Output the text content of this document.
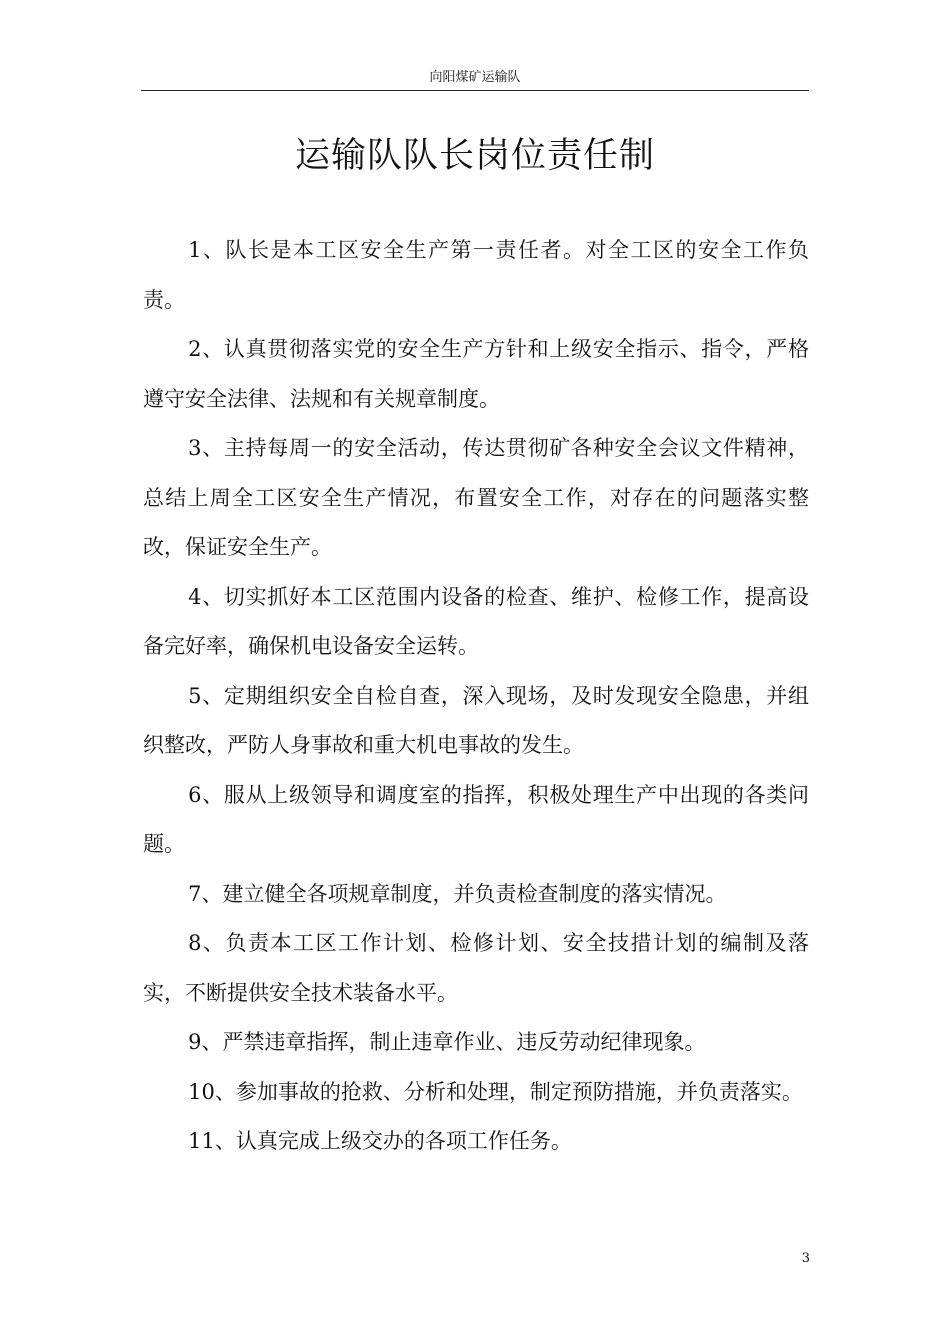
向阳煤矿运输队
运输队队长岗位责任制

1、队长是本工区安全生产第一责任者。对全工区的安全工作负责。

2、认真贯彻落实党的安全生产方针和上级安全指示、指令，严格遵守安全法律、法规和有关规章制度。

3、主持每周一的安全活动，传达贯彻矿各种安全会议文件精神，总结上周全工区安全生产情况，布置安全工作，对存在的问题落实整改，保证安全生产。

4、切实抓好本工区范围内设备的检查、维护、检修工作，提高设备完好率，确保机电设备安全运转。

5、定期组织安全自检自查，深入现场，及时发现安全隐患，并组织整改，严防人身事故和重大机电事故的发生。

6、服从上级领导和调度室的指挥，积极处理生产中出现的各类问题。

7、建立健全各项规章制度，并负责检查制度的落实情况。

8、负责本工区工作计划、检修计划、安全技措计划的编制及落实，不断提供安全技术装备水平。

9、严禁违章指挥，制止违章作业、违反劳动纪律现象。

10、参加事故的抢救、分析和处理，制定预防措施，并负责落实。

11、认真完成上级交办的各项工作任务。

3
